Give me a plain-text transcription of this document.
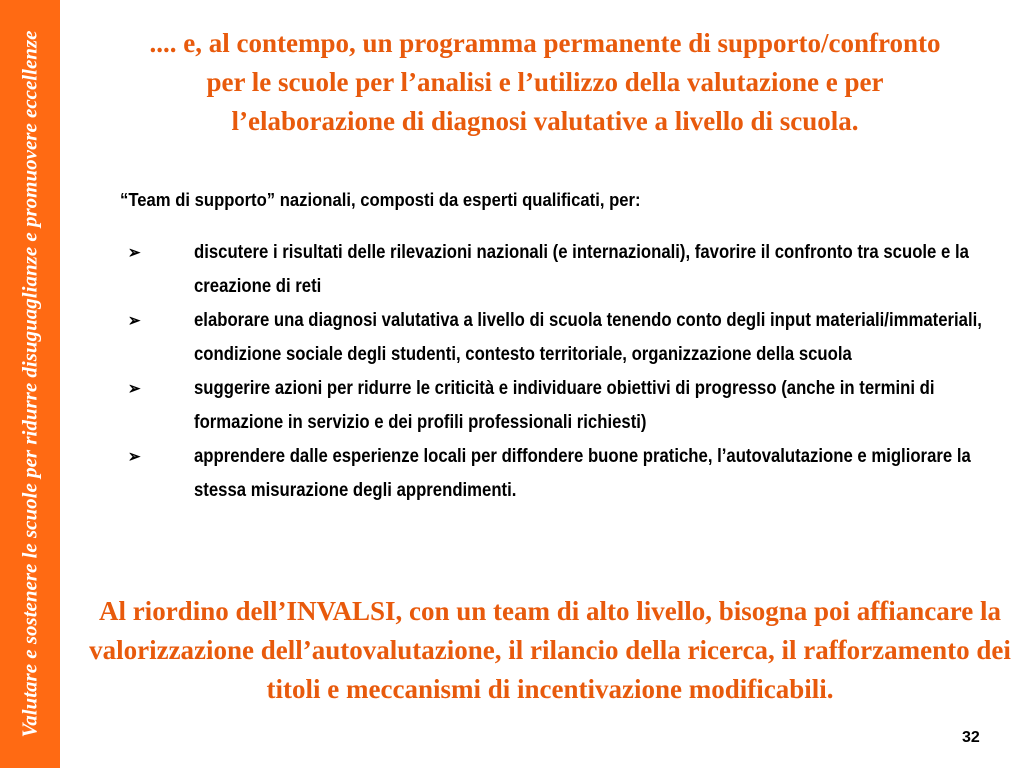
Valutare e sostenere le scuole per ridurre disuguaglianze e promuovere eccellenze	.... e, al contempo, un programma permanente di supporto/confronto per le scuole per l’analisi e l’utilizzo della valutazione e per l’elaborazione di diagnosi valutative a livello di scuola.
“Team di supporto” nazionali, composti da esperti qualificati, per:
➢	discutere i risultati delle rilevazioni nazionali (e internazionali), favorire il confronto tra scuole e la creazione di reti
➢	elaborare una diagnosi valutativa a livello di scuola tenendo conto degli input materiali/immateriali, condizione sociale degli studenti, contesto territoriale, organizzazione della scuola
➢	suggerire azioni per ridurre le criticità e individuare obiettivi di progresso (anche in termini di formazione in servizio e dei profili professionali richiesti)
➢	apprendere dalle esperienze locali per diffondere buone pratiche, l’autovalutazione e migliorare la stessa misurazione degli apprendimenti.
Al riordino dell’INVALSI, con un team di alto livello, bisogna poi affiancare la valorizzazione dell’autovalutazione, il rilancio della ricerca, il rafforzamento dei titoli e meccanismi di incentivazione modificabili.
32
